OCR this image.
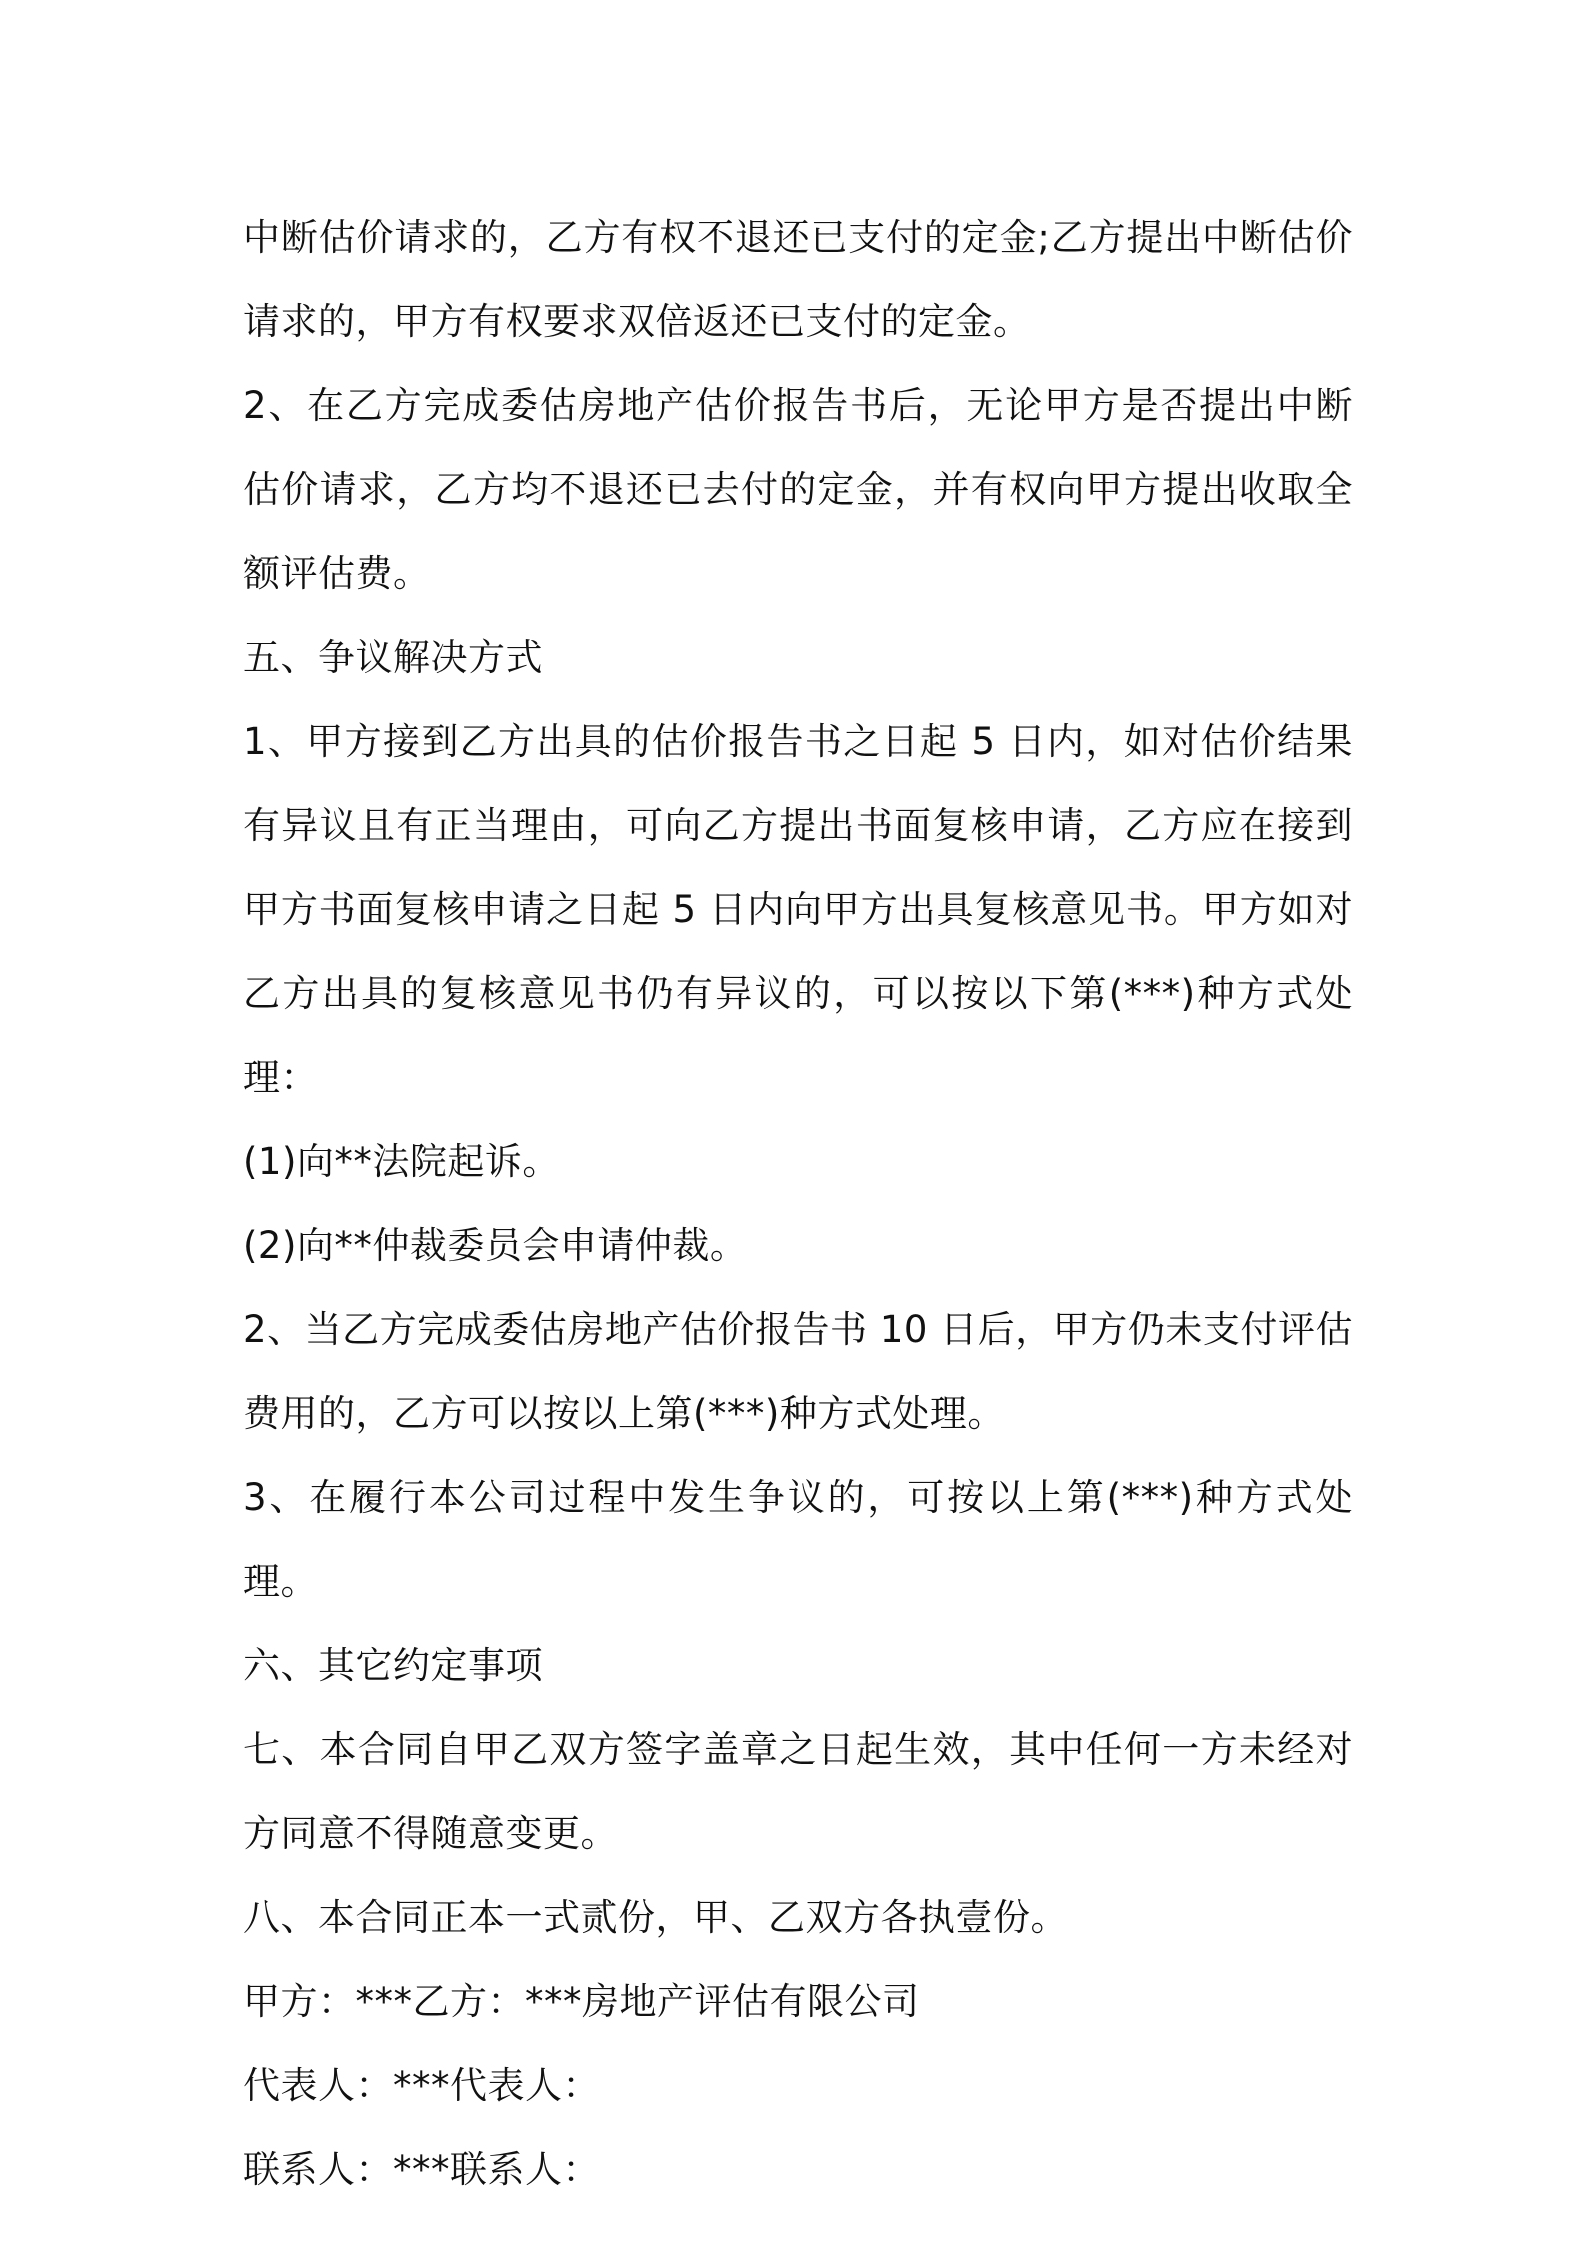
中断估价请求的，乙方有权不退还已支付的定金;乙方提出中断估价请求的，甲方有权要求双倍返还已支付的定金。

2、在乙方完成委估房地产估价报告书后，无论甲方是否提出中断估价请求，乙方均不退还已去付的定金，并有权向甲方提出收取全额评估费。

五、争议解决方式

1、甲方接到乙方出具的估价报告书之日起 5 日内，如对估价结果有异议且有正当理由，可向乙方提出书面复核申请，乙方应在接到甲方书面复核申请之日起 5 日内向甲方出具复核意见书。甲方如对乙方出具的复核意见书仍有异议的，可以按以下第(***)种方式处理：

(1)向**法院起诉。

(2)向**仲裁委员会申请仲裁。

2、当乙方完成委估房地产估价报告书 10 日后，甲方仍未支付评估费用的，乙方可以按以上第(***)种方式处理。

3、在履行本公司过程中发生争议的，可按以上第(***)种方式处理。

六、其它约定事项

七、本合同自甲乙双方签字盖章之日起生效，其中任何一方未经对方同意不得随意变更。

八、本合同正本一式贰份，甲、乙双方各执壹份。

甲方：***乙方：***房地产评估有限公司

代表人：***代表人：

联系人：***联系人：
